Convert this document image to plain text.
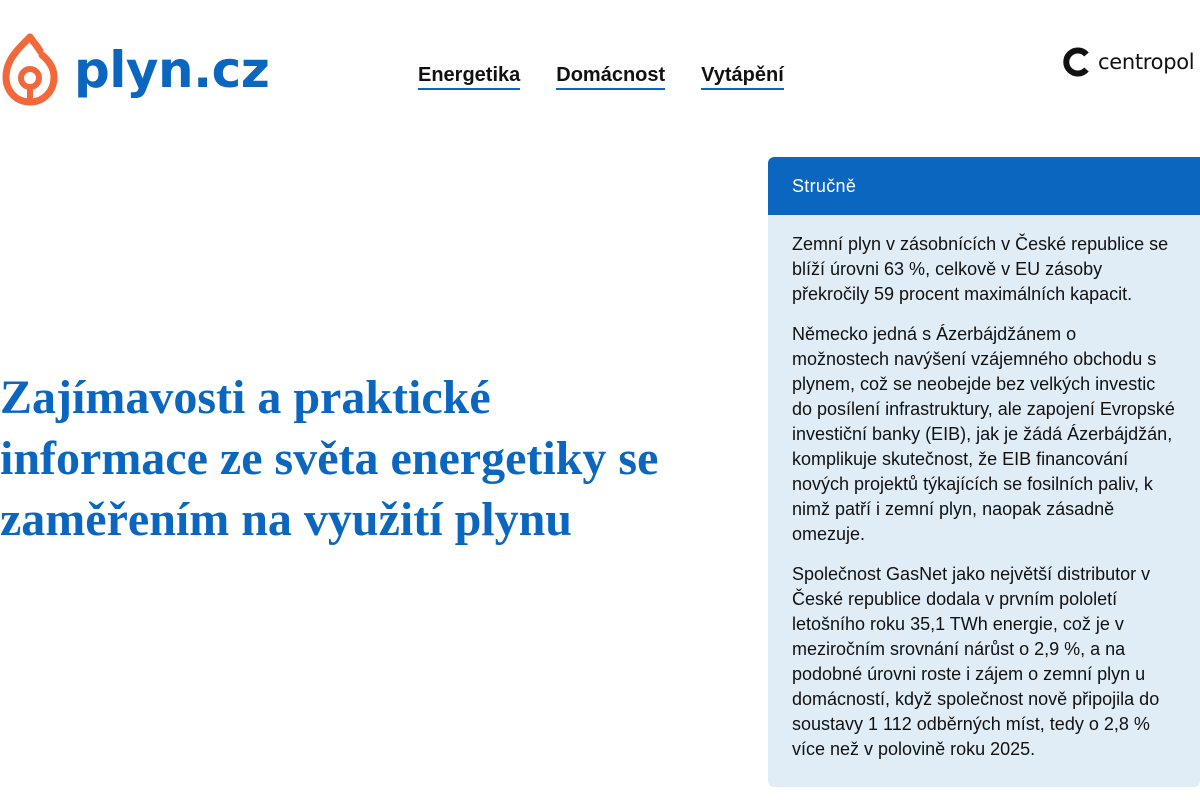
plyn.cz	Energetika Domácnost Vytápění
centropol
Zajímavosti a praktické informace ze světa energetiky se zaměřením na využití plynu
Stručně

Zemní plyn v zásobnících v České republice se blíží úrovni 63 %, celkově v EU zásoby překročily 59 procent maximálních kapacit.

Německo jedná s Ázerbájdžánem o možnostech navýšení vzájemného obchodu s plynem, což se neobejde bez velkých investic do posílení infrastruktury, ale zapojení Evropské investiční banky (EIB), jak je žádá Ázerbájdžán, komplikuje skutečnost, že EIB financování nových projektů týkajících se fosilních paliv, k nimž patří i zemní plyn, naopak zásadně omezuje.

Společnost GasNet jako největší distributor v České republice dodala v prvním pololetí letošního roku 35,1 TWh energie, což je v meziročním srovnání nárůst o 2,9 %, a na podobné úrovni roste i zájem o zemní plyn u domácností, když společnost nově připojila do soustavy 1 112 odběrných míst, tedy o 2,8 % více než v polovině roku 2025.
